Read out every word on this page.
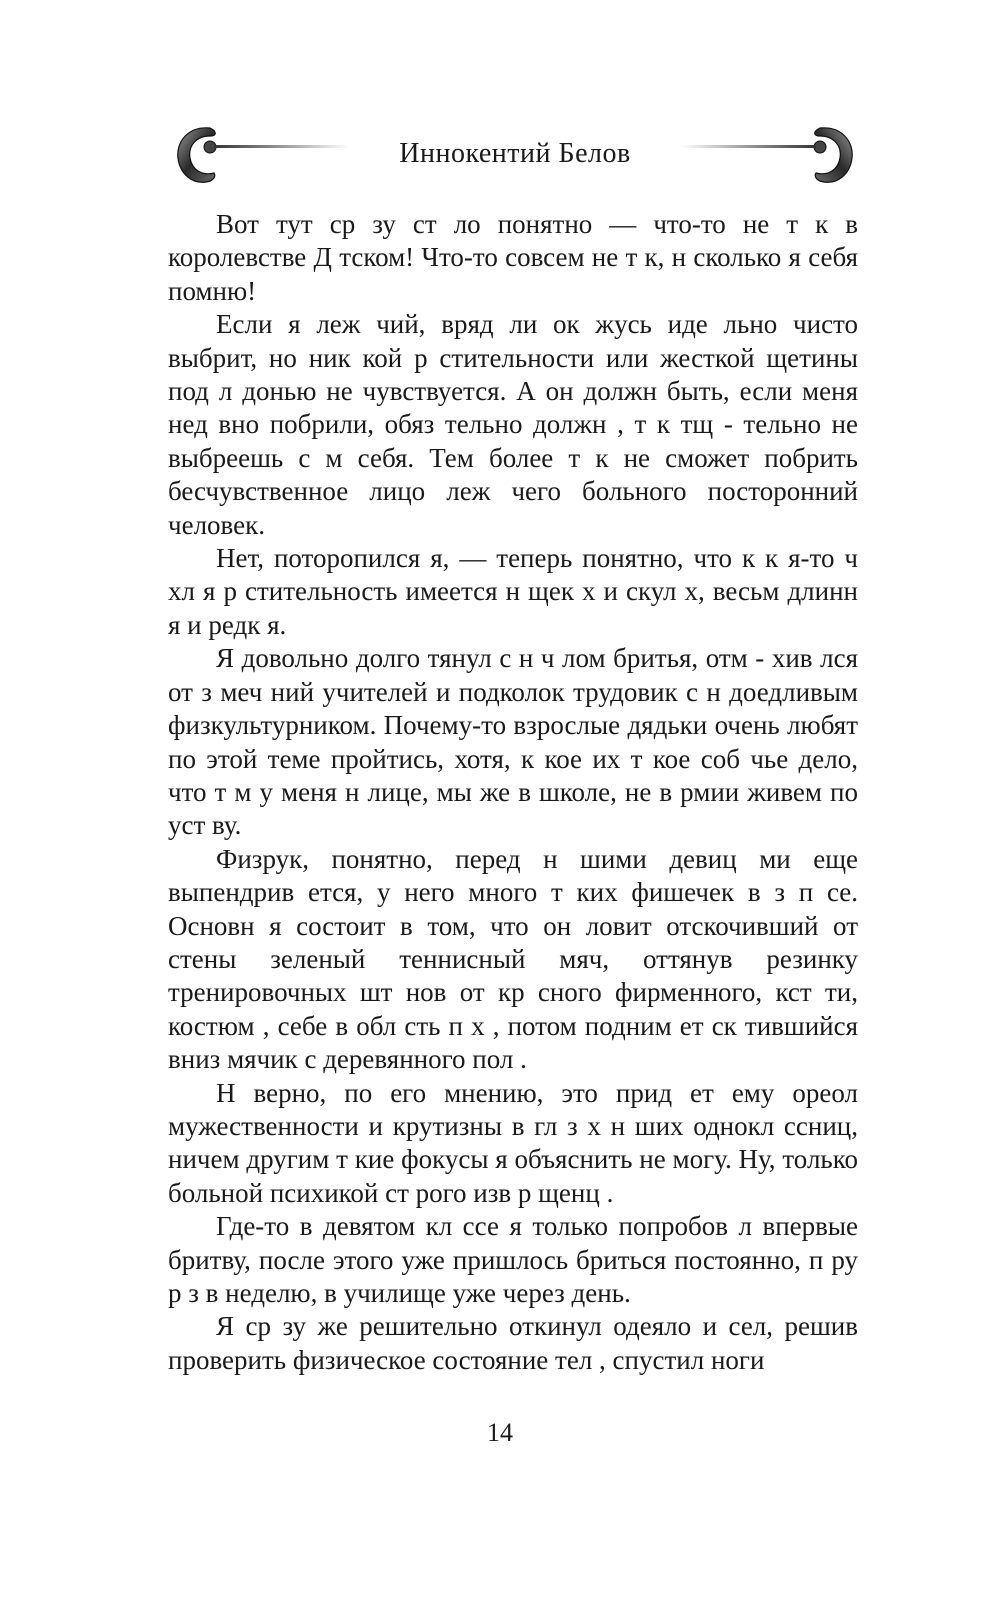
Иннокентий Белов

Вот тут ср зу ст ло понятно — что-то не т к в королевстве Д тском! Что-то совсем не т к, н сколько я себя помню!

Если я леж чий, вряд ли ок жусь иде льно чисто выбрит, но ник кой р стительности или жесткой щетины под л донью не чувствуется. А он должн быть, если меня нед вно побрили, обяз тельно должн , т к тщ - тельно не выбреешь с м себя. Тем более т к не сможет побрить бесчувственное лицо леж чего больного посторонний человек.

Нет, поторопился я, — теперь понятно, что к к я-то ч хл я р стительность имеется н щек х и скул х, весьм длинн я и редк я.

Я довольно долго тянул с н ч лом бритья, отм - хив лся от з меч ний учителей и подколок трудовик с н доедливым физкультурником. Почему-то взрослые дядьки очень любят по этой теме пройтись, хотя, к кое их т кое соб чье дело, что т м у меня н лице, мы же в школе, не в рмии живем по уст ву.

Физрук, понятно, перед н шими девиц ми еще выпендрив ется, у него много т ких фишечек в з п се. Основн я состоит в том, что он ловит отскочивший от стены зеленый теннисный мяч, оттянув резинку тренировочных шт нов от кр сного фирменного, кст ти, костюм , себе в обл сть п х , потом подним ет ск тившийся вниз мячик с деревянного пол .

Н верно, по его мнению, это прид ет ему ореол мужественности и крутизны в гл з х н ших однокл ссниц, ничем другим т кие фокусы я объяснить не могу. Ну, только больной психикой ст рого изв р щенц .

Где-то в девятом кл ссе я только попробов л впервые бритву, после этого уже пришлось бриться постоянно, п ру р з в неделю, в училище уже через день.

Я ср зу же решительно откинул одеяло и сел, решив проверить физическое состояние тел , спустил ноги

14
